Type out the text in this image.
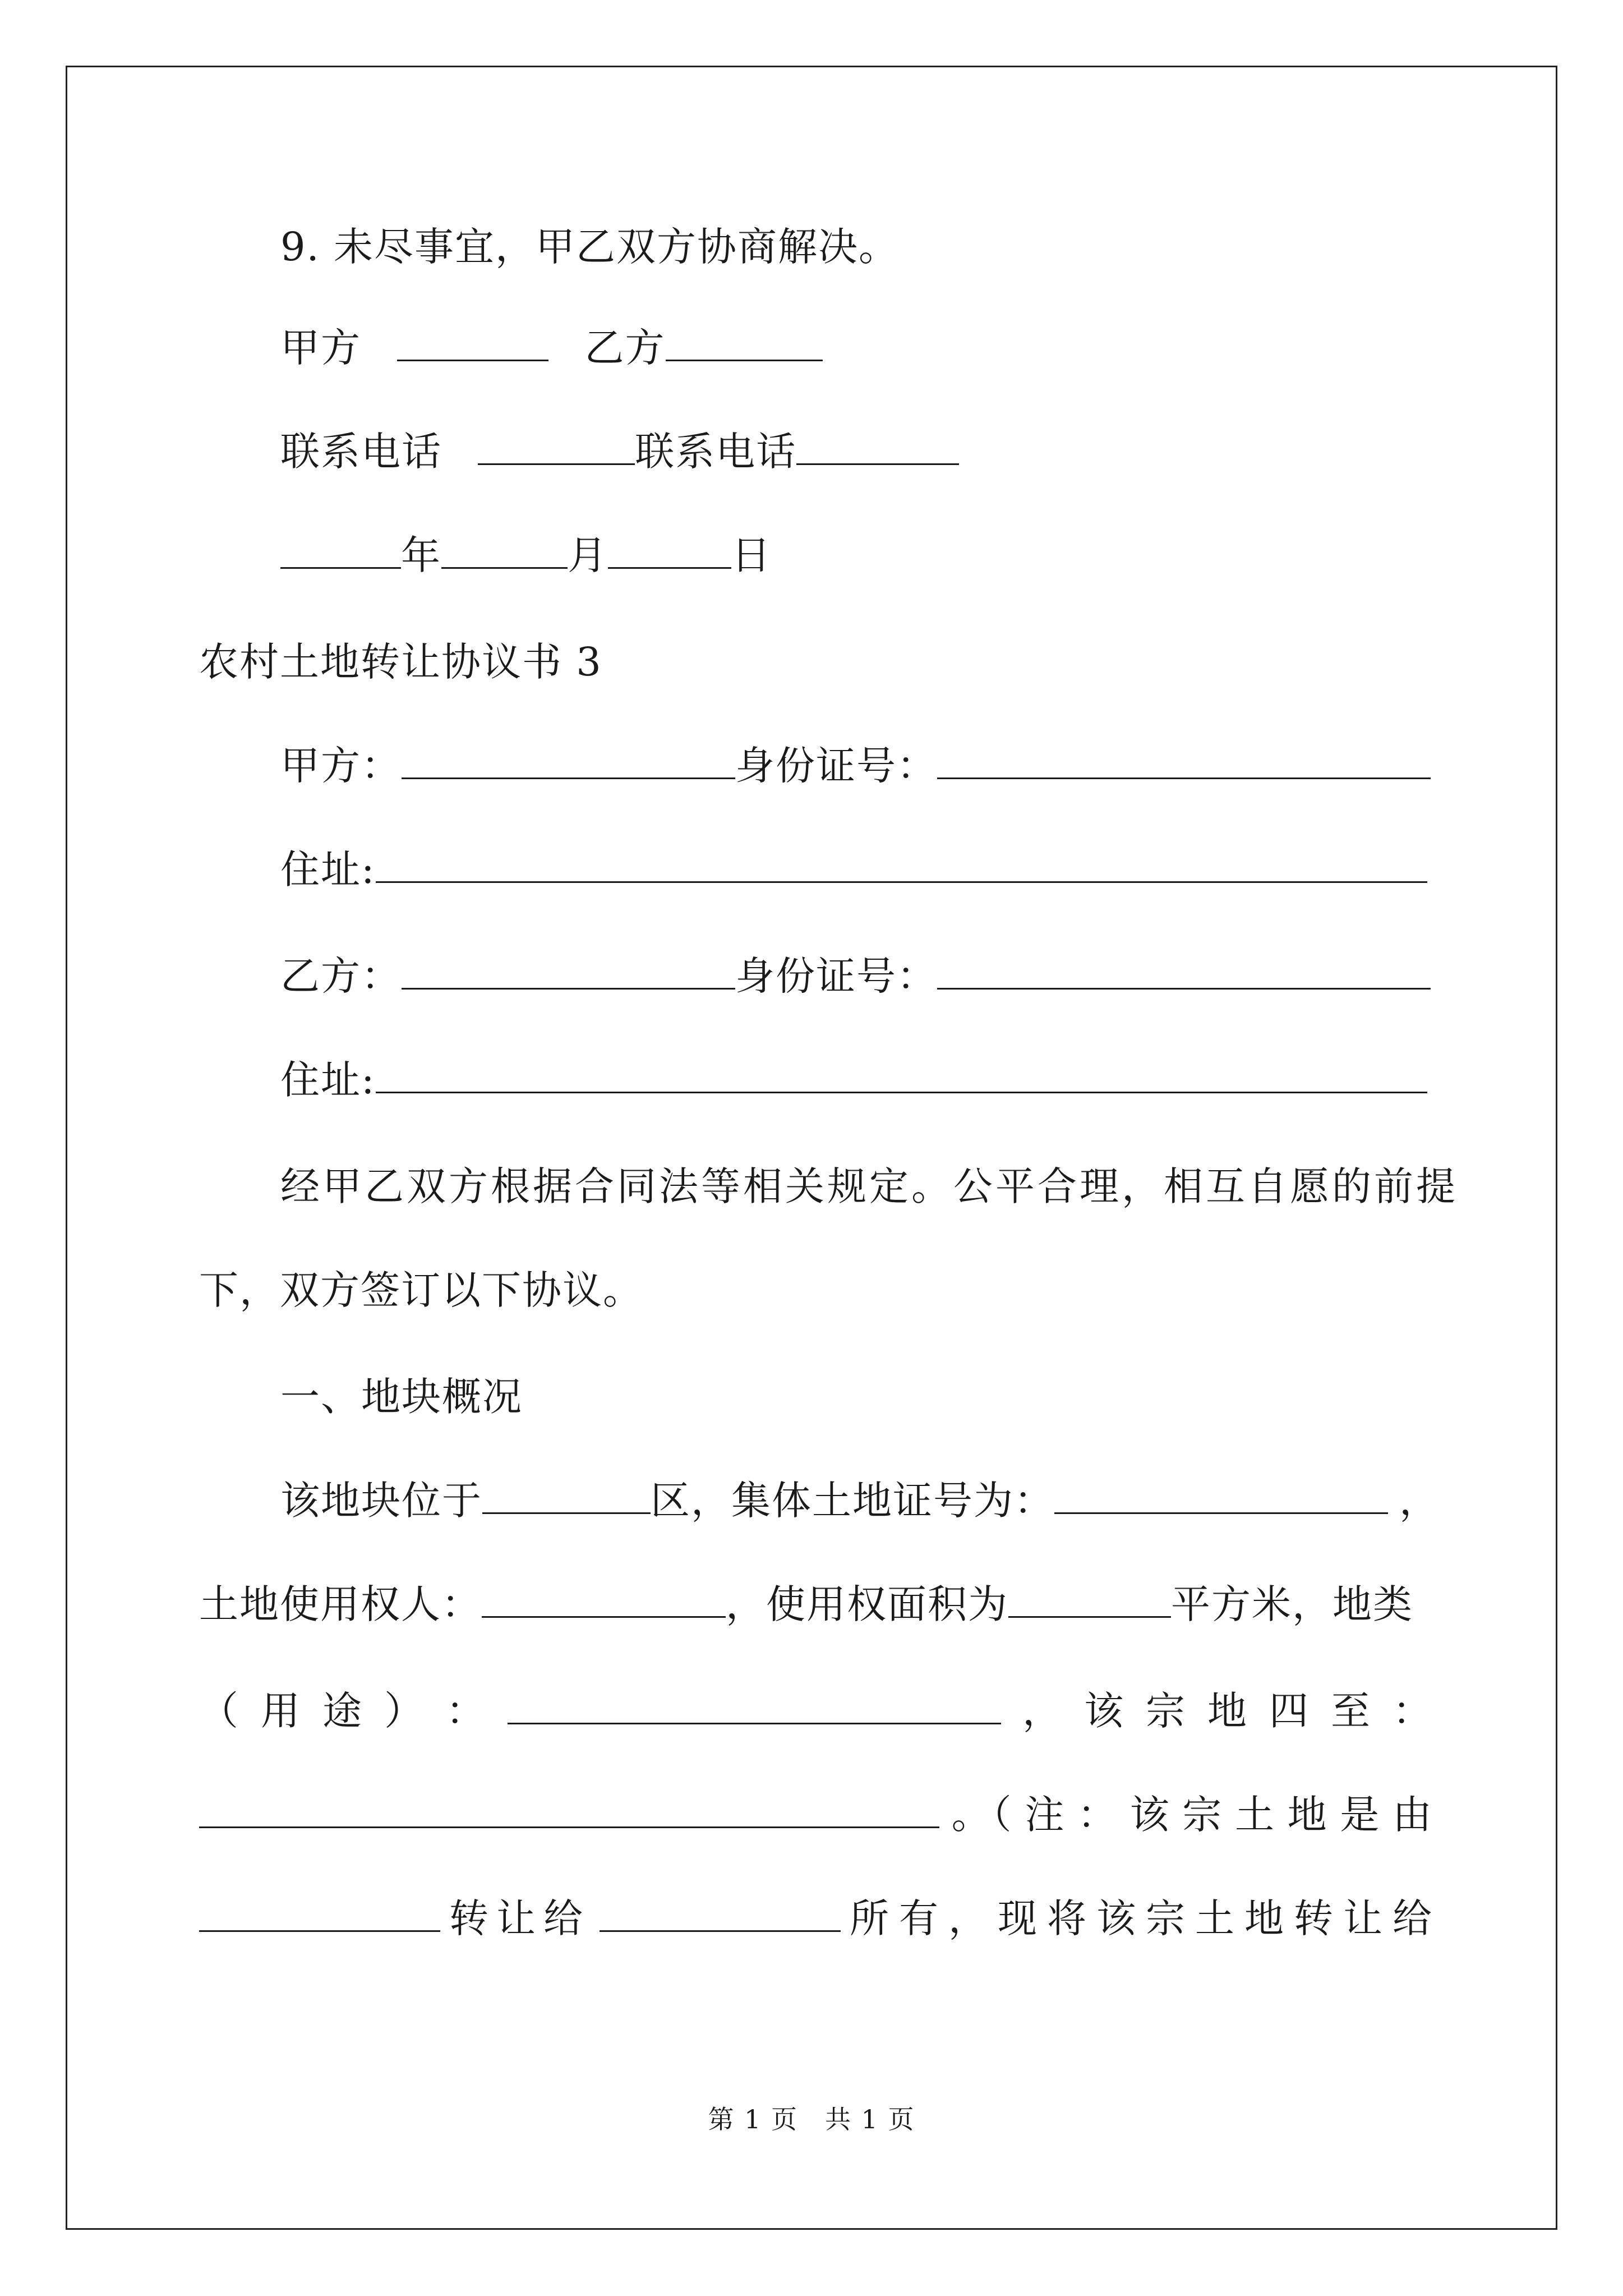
9. 未尽事宜，甲乙双方协商解决。
甲方	乙方
联系电话	联系电话
年	月	日
农村土地转让协议书 3
甲方：	身份证号：
住址:
乙方：	身份证号：
住址:
经甲乙双方根据合同法等相关规定。公平合理，相互自愿的前提
下，双方签订以下协议。
一、地块概况
该地块位于	区，集体土地证号为：	，
土地使用权人：	，使用权面积为	平方米，地类
（ 用 途 ） ：	， 该 宗 地 四 至 ：
。（ 注 ： 该 宗 土 地 是 由
转让给	所 有 ， 现 将 该 宗 土 地 转 让 给
第 1 页　共 1 页
